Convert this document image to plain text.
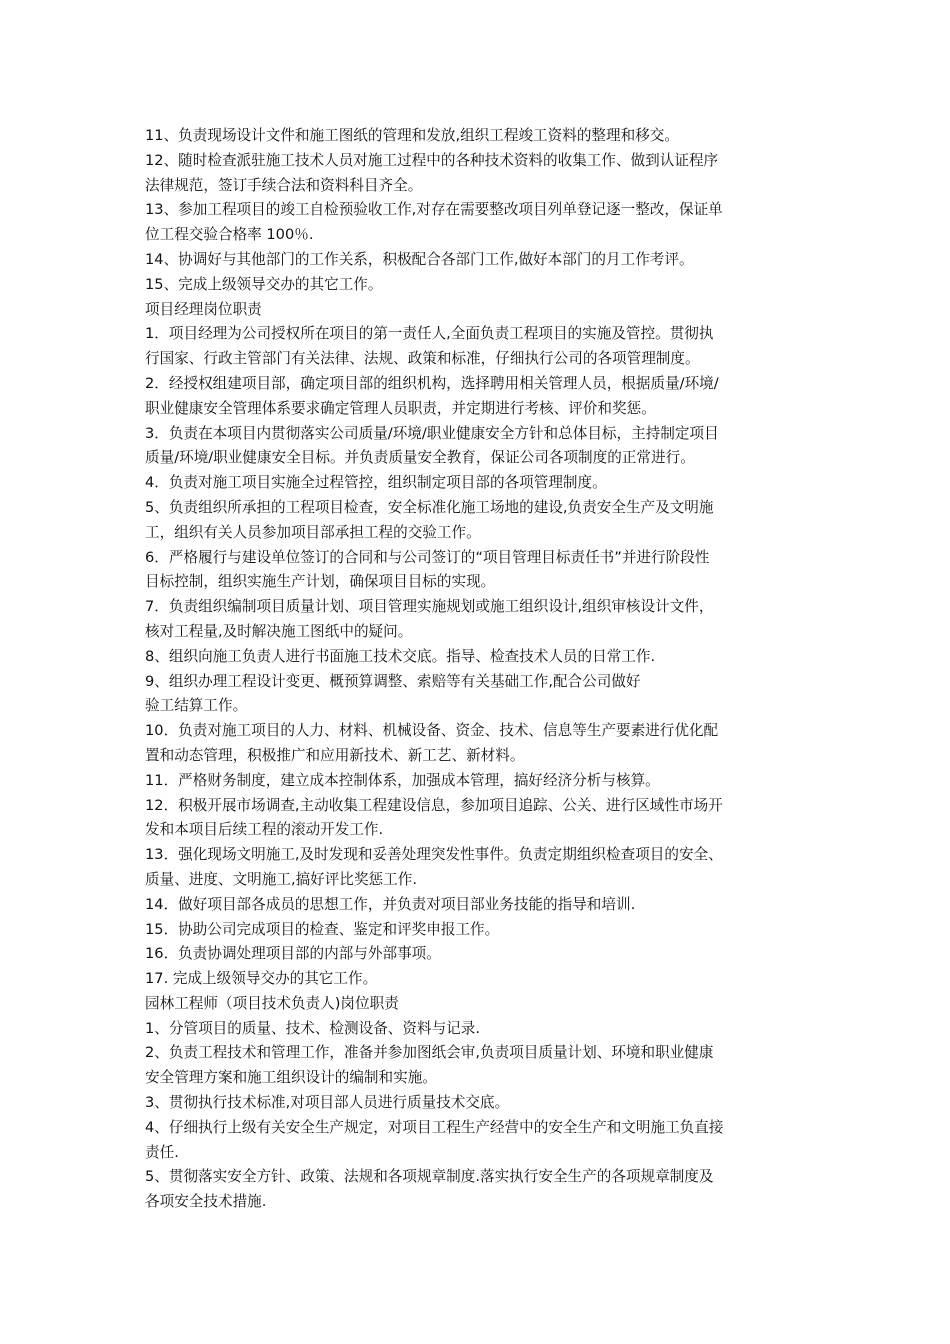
11、负责现场设计文件和施工图纸的管理和发放,组织工程竣工资料的整理和移交。
12、随时检查派驻施工技术人员对施工过程中的各种技术资料的收集工作、做到认证程序
法律规范，签订手续合法和资料科目齐全。
13、参加工程项目的竣工自检预验收工作,对存在需要整改项目列单登记逐一整改，保证单
位工程交验合格率 100％.
14、协调好与其他部门的工作关系，积极配合各部门工作,做好本部门的月工作考评。
15、完成上级领导交办的其它工作。
项目经理岗位职责
1．项目经理为公司授权所在项目的第一责任人,全面负责工程项目的实施及管控。贯彻执
行国家、行政主管部门有关法律、法规、政策和标准，仔细执行公司的各项管理制度。
2．经授权组建项目部，确定项目部的组织机构，选择聘用相关管理人员，根据质量/环境/
职业健康安全管理体系要求确定管理人员职责，并定期进行考核、评价和奖惩。
3．负责在本项目内贯彻落实公司质量/环境/职业健康安全方针和总体目标，主持制定项目
质量/环境/职业健康安全目标。并负责质量安全教育，保证公司各项制度的正常进行。
4．负责对施工项目实施全过程管控，组织制定项目部的各项管理制度。
5、负责组织所承担的工程项目检查，安全标准化施工场地的建设,负责安全生产及文明施
工，组织有关人员参加项目部承担工程的交验工作。
6．严格履行与建设单位签订的合同和与公司签订的“项目管理目标责任书”并进行阶段性
目标控制，组织实施生产计划，确保项目目标的实现。
7．负责组织编制项目质量计划、项目管理实施规划或施工组织设计,组织审核设计文件，
核对工程量,及时解决施工图纸中的疑问。
8、组织向施工负责人进行书面施工技术交底。指导、检查技术人员的日常工作.
9、组织办理工程设计变更、概预算调整、索赔等有关基础工作,配合公司做好
验工结算工作。
10．负责对施工项目的人力、材料、机械设备、资金、技术、信息等生产要素进行优化配
置和动态管理，积极推广和应用新技术、新工艺、新材料。
11．严格财务制度，建立成本控制体系，加强成本管理，搞好经济分析与核算。
12．积极开展市场调查,主动收集工程建设信息，参加项目追踪、公关、进行区域性市场开
发和本项目后续工程的滚动开发工作.
13．强化现场文明施工,及时发现和妥善处理突发性事件。负责定期组织检查项目的安全、
质量、进度、文明施工,搞好评比奖惩工作.
14．做好项目部各成员的思想工作，并负责对项目部业务技能的指导和培训.
15．协助公司完成项目的检查、鉴定和评奖申报工作。
16．负责协调处理项目部的内部与外部事项。
17. 完成上级领导交办的其它工作。
园林工程师（项目技术负责人)岗位职责
1、分管项目的质量、技术、检测设备、资料与记录.
2、负责工程技术和管理工作，准备并参加图纸会审,负责项目质量计划、环境和职业健康
安全管理方案和施工组织设计的编制和实施。
3、贯彻执行技术标准,对项目部人员进行质量技术交底。
4、仔细执行上级有关安全生产规定，对项目工程生产经营中的安全生产和文明施工负直接
责任.
5、贯彻落实安全方针、政策、法规和各项规章制度.落实执行安全生产的各项规章制度及
各项安全技术措施.
